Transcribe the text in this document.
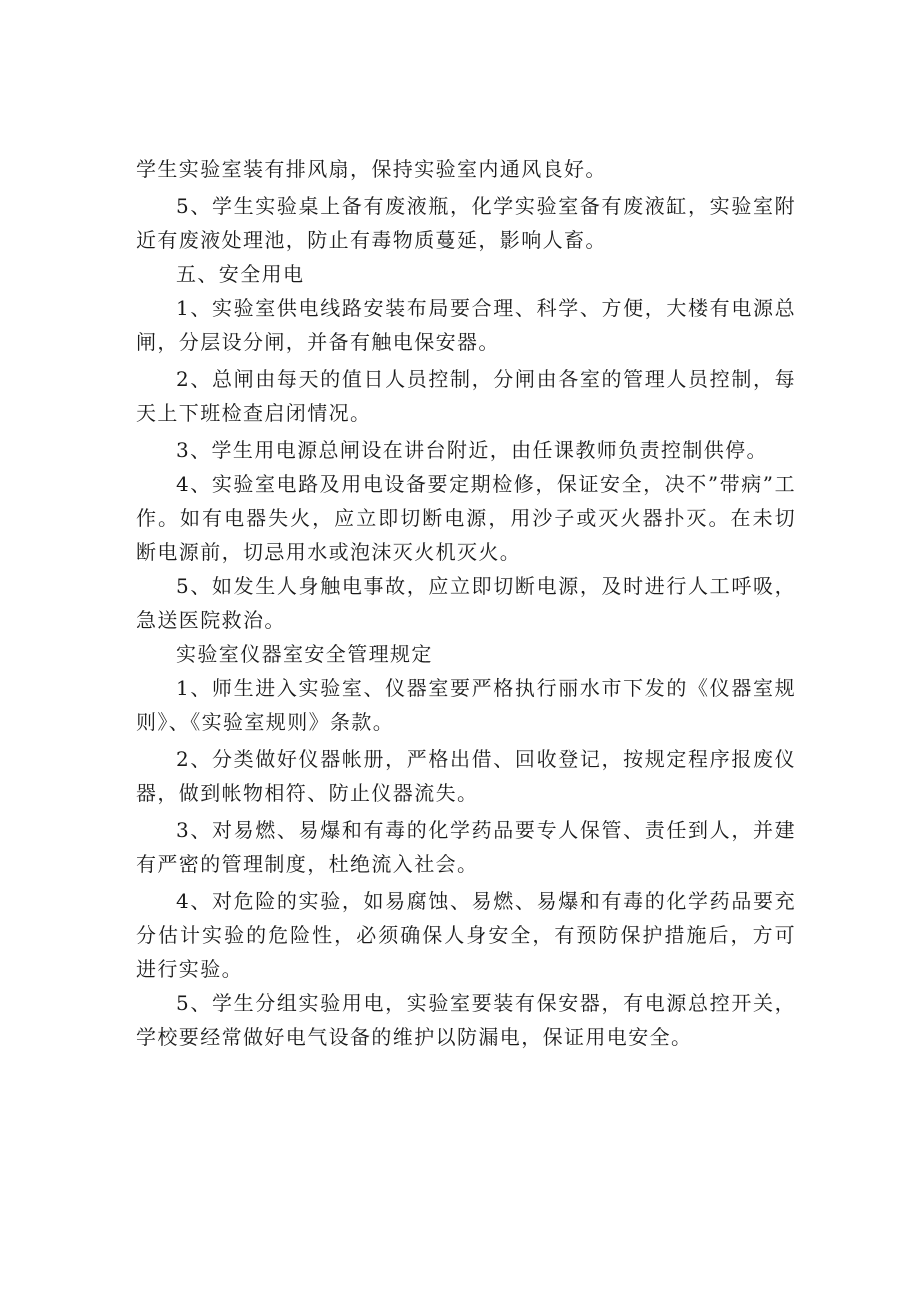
学生实验室装有排风扇，保持实验室内通风良好。

5、学生实验桌上备有废液瓶，化学实验室备有废液缸，实验室附近有废液处理池，防止有毒物质蔓延，影响人畜。

五、安全用电

1、实验室供电线路安装布局要合理、科学、方便，大楼有电源总闸，分层设分闸，并备有触电保安器。

2、总闸由每天的值日人员控制，分闸由各室的管理人员控制，每天上下班检查启闭情况。

3、学生用电源总闸设在讲台附近，由任课教师负责控制供停。

4、实验室电路及用电设备要定期检修，保证安全，决不”带病”工作。如有电器失火，应立即切断电源，用沙子或灭火器扑灭。在未切断电源前，切忌用水或泡沫灭火机灭火。

5、如发生人身触电事故，应立即切断电源，及时进行人工呼吸，急送医院救治。

实验室仪器室安全管理规定

1、师生进入实验室、仪器室要严格执行丽水市下发的《仪器室规则》、《实验室规则》条款。

2、分类做好仪器帐册，严格出借、回收登记，按规定程序报废仪器，做到帐物相符、防止仪器流失。

3、对易燃、易爆和有毒的化学药品要专人保管、责任到人，并建有严密的管理制度，杜绝流入社会。

4、对危险的实验，如易腐蚀、易燃、易爆和有毒的化学药品要充分估计实验的危险性，必须确保人身安全，有预防保护措施后，方可进行实验。

5、学生分组实验用电，实验室要装有保安器，有电源总控开关，学校要经常做好电气设备的维护以防漏电，保证用电安全。
